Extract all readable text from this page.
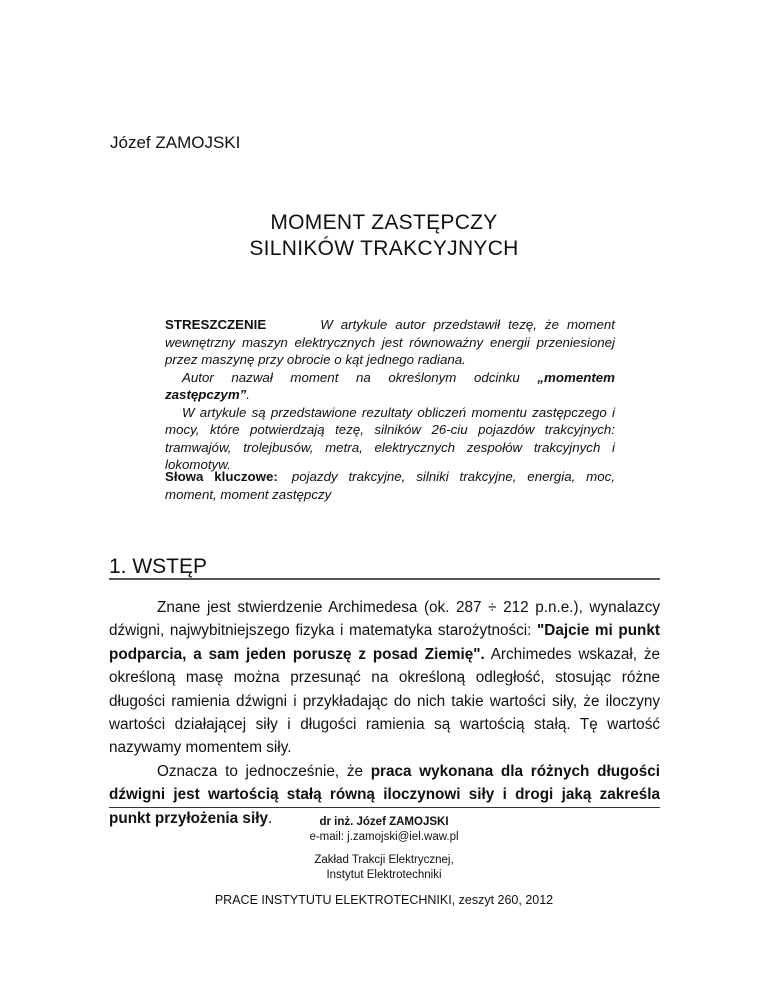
Józef ZAMOJSKI
MOMENT ZASTĘPCZY
SILNIKÓW TRAKCYJNYCH

STRESZCZENIE	W artykule autor przedstawił tezę, że moment wewnętrzny maszyn elektrycznych jest równoważny energii przeniesionej przez maszynę przy obrocie o kąt jednego radiana.

Autor nazwał moment na określonym odcinku „momentem zastępczym”.

W artykule są przedstawione rezultaty obliczeń momentu zastępczego i mocy, które potwierdzają tezę, silników 26-ciu pojazdów trakcyjnych: tramwajów, trolejbusów, metra, elektrycznych zespołów trakcyjnych i lokomotyw.

Słowa kluczowe: pojazdy trakcyjne, silniki trakcyjne, energia, moc, moment, moment zastępczy
1. WSTĘP

Znane jest stwierdzenie Archimedesa (ok. 287 ÷ 212 p.n.e.), wynalazcy dźwigni, najwybitniejszego fizyka i matematyka starożytności: "Dajcie mi punkt podparcia, a sam jeden poruszę z posad Ziemię". Archimedes wskazał, że określoną masę można przesunąć na określoną odległość, stosując różne długości ramienia dźwigni i przykładając do nich takie wartości siły, że iloczyny wartości działającej siły i długości ramienia są wartością stałą. Tę wartość nazywamy momentem siły.

Oznacza to jednocześnie, że praca wykonana dla różnych długości dźwigni jest wartością stałą równą iloczynowi siły i drogi jaką zakreśla punkt przyłożenia siły.	dr inż. Józef ZAMOJSKI
e-mail: j.zamojski@iel.waw.pl
Zakład Trakcji Elektrycznej,
Instytut Elektrotechniki
PRACE INSTYTUTU ELEKTROTECHNIKI, zeszyt 260, 2012
